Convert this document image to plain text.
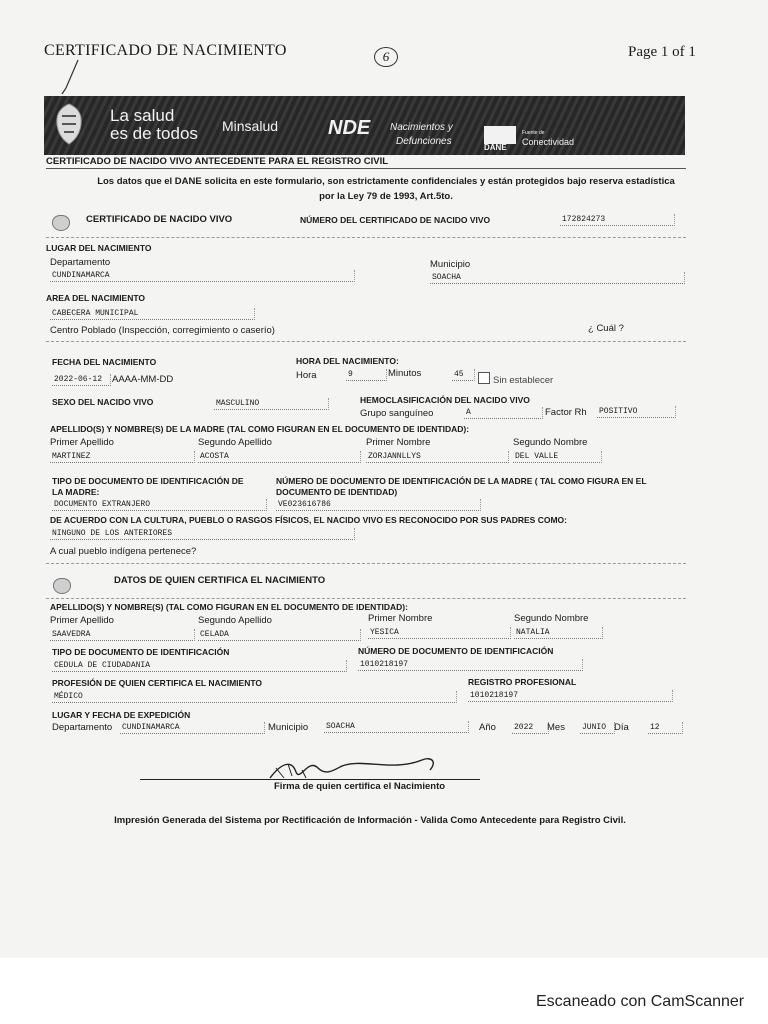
CERTIFICADO DE NACIMIENTO	Page 1 of 1
6
La salud
es de todos Minsalud NDE Nacimientos y
Defunciones
DANE
Fuente de
Conectividad
CERTIFICADO DE NACIDO VIVO ANTECEDENTE PARA EL REGISTRO CIVIL
Los datos que el DANE solicita en este formulario, son estrictamente confidenciales y están protegidos bajo reserva estadística
por la Ley 79 de 1993, Art.5to.
CERTIFICADO DE NACIDO VIVO	NÚMERO DEL CERTIFICADO DE NACIDO VIVO	172824273
LUGAR DEL NACIMIENTO
Departamento	Municipio
CUNDINAMARCA	SOACHA
AREA DEL NACIMIENTO
CABECERA MUNICIPAL
Centro Poblado (Inspección, corregimiento o caserío)	¿ Cuál ?
FECHA DEL NACIMIENTO	HORA DEL NACIMIENTO:
2022-06-12	AAAA-MM-DD	Hora	9	Minutos	45
Sin establecer
SEXO DEL NACIDO VIVO	MASCULINO	HEMOCLASIFICACIÓN DEL NACIDO VIVO
Grupo sanguíneo	A	Factor Rh POSITIVO
APELLIDO(S) Y NOMBRE(S) DE LA MADRE (TAL COMO FIGURAN EN EL DOCUMENTO DE IDENTIDAD):
Primer Apellido	Segundo Apellido	Primer Nombre	Segundo Nombre
MARTINEZ	ACOSTA	ZORJANNLLYS	DEL VALLE
TIPO DE DOCUMENTO DE IDENTIFICACIÓN DE
LA MADRE:
NÚMERO DE DOCUMENTO DE IDENTIFICACIÓN DE LA MADRE ( TAL COMO FIGURA EN EL
DOCUMENTO DE IDENTIDAD)
DOCUMENTO EXTRANJERO	VE023616786
DE ACUERDO CON LA CULTURA, PUEBLO O RASGOS FÍSICOS, EL NACIDO VIVO ES RECONOCIDO POR SUS PADRES COMO:
NINGUNO DE LOS ANTERIORES
A cual pueblo indígena pertenece?
DATOS DE QUIEN CERTIFICA EL NACIMIENTO
APELLIDO(S) Y NOMBRE(S) (TAL COMO FIGURAN EN EL DOCUMENTO DE IDENTIDAD):
Primer Apellido	Segundo Apellido	Primer Nombre	Segundo Nombre
SAAVEDRA	CELADA	YESICA	NATALIA
TIPO DE DOCUMENTO DE IDENTIFICACIÓN	NÚMERO DE DOCUMENTO DE IDENTIFICACIÓN
CEDULA DE CIUDADANIA	1010218197
PROFESIÓN DE QUIEN CERTIFICA EL NACIMIENTO	REGISTRO PROFESIONAL
MÉDICO	1010218197
LUGAR Y FECHA DE EXPEDICIÓN
Departamento CUNDINAMARCA	Municipio SOACHA	Año 2022	Mes JUNIO Día	12
Firma de quien certifica el Nacimiento
Impresión Generada del Sistema por Rectificación de Información - Valida Como Antecedente para Registro Civil.
Escaneado con CamScanner
